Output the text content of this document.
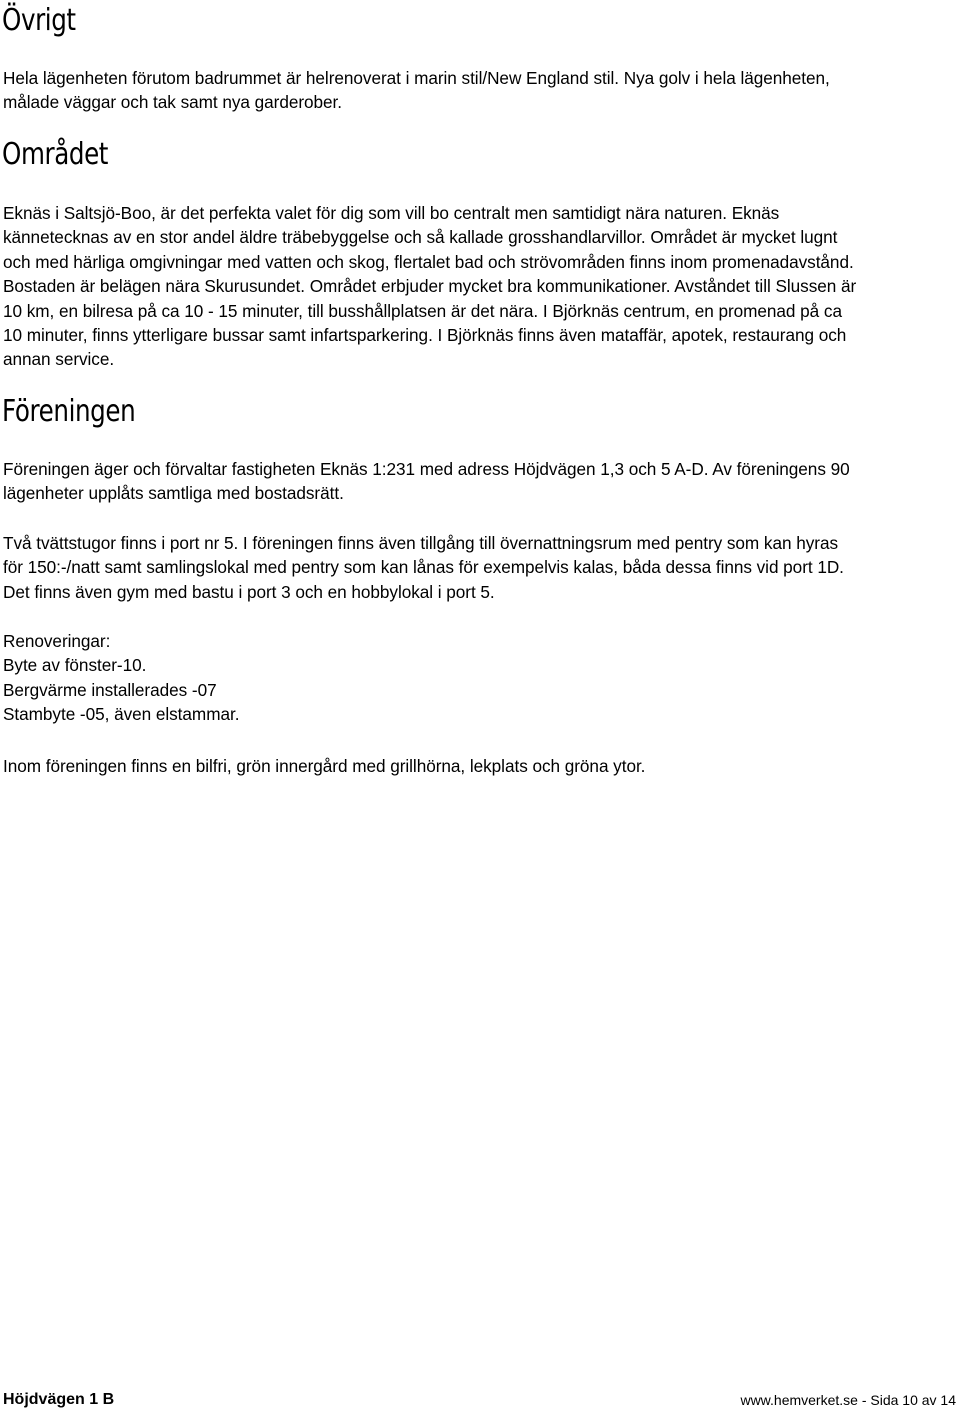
Övrigt

Hela lägenheten förutom badrummet är helrenoverat i marin stil/New England stil. Nya golv i hela lägenheten,
målade väggar och tak samt nya garderober.

Området

Eknäs i Saltsjö-Boo, är det perfekta valet för dig som vill bo centralt men samtidigt nära naturen. Eknäs
kännetecknas av en stor andel äldre träbebyggelse och så kallade grosshandlarvillor. Området är mycket lugnt
och med härliga omgivningar med vatten och skog, flertalet bad och strövområden finns inom promenadavstånd.
Bostaden är belägen nära Skurusundet. Området erbjuder mycket bra kommunikationer. Avståndet till Slussen är
10 km, en bilresa på ca 10 - 15 minuter, till busshållplatsen är det nära. I Björknäs centrum, en promenad på ca
10 minuter, finns ytterligare bussar samt infartsparkering. I Björknäs finns även mataffär, apotek, restaurang och
annan service.

Föreningen

Föreningen äger och förvaltar fastigheten Eknäs 1:231 med adress Höjdvägen 1,3 och 5 A-D. Av föreningens 90
lägenheter upplåts samtliga med bostadsrätt.

Två tvättstugor finns i port nr 5. I föreningen finns även tillgång till övernattningsrum med pentry som kan hyras
för 150:-/natt samt samlingslokal med pentry som kan lånas för exempelvis kalas, båda dessa finns vid port 1D.
Det finns även gym med bastu i port 3 och en hobbylokal i port 5.

Renoveringar:
Byte av fönster-10.
Bergvärme installerades -07
Stambyte -05, även elstammar.

Inom föreningen finns en bilfri, grön innergård med grillhörna, lekplats och gröna ytor.

Höjdvägen 1 B	www.hemverket.se - Sida 10 av 14
